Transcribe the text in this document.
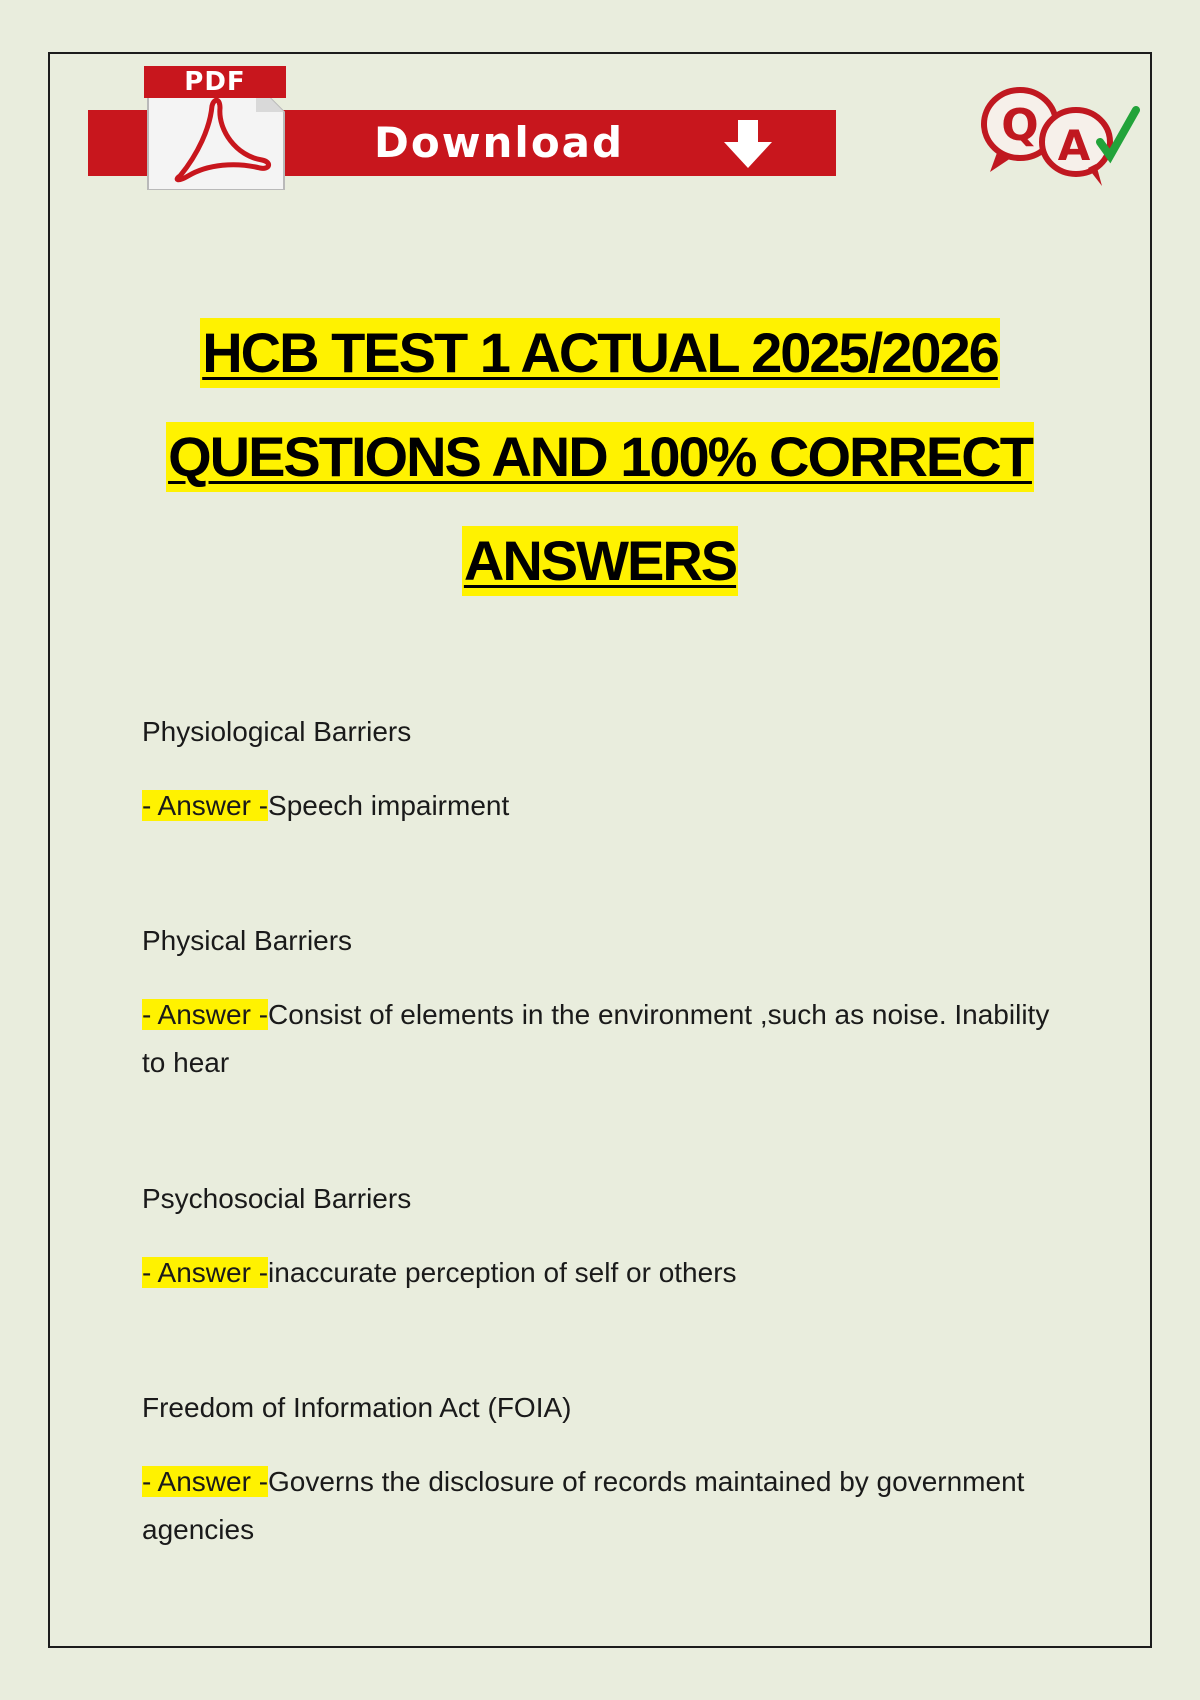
Download
PDF
Q A
HCB TEST 1 ACTUAL 2025/2026
QUESTIONS AND 100% CORRECT
ANSWERS
Physiological Barriers
- Answer -Speech impairment
Physical Barriers
- Answer -Consist of elements in the environment ,such as noise. Inability to hear
Psychosocial Barriers
- Answer -inaccurate perception of self or others
Freedom of Information Act (FOIA)
- Answer -Governs the disclosure of records maintained by government agencies
